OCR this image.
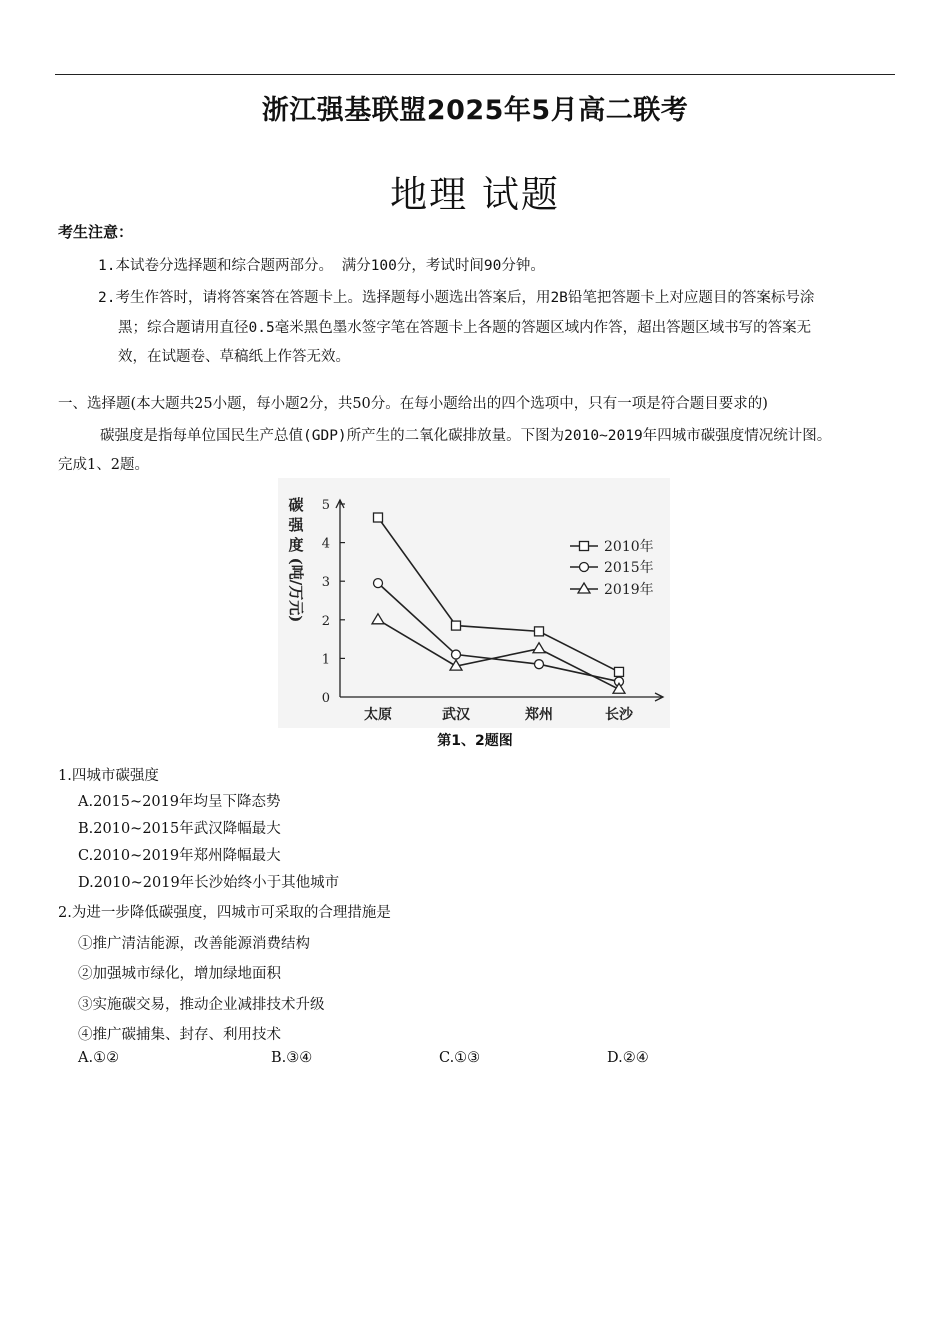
浙江强基联盟2025年5月高二联考
地理 试题
考生注意：
1.本试卷分选择题和综合题两部分。 满分100分，考试时间90分钟。
2.考生作答时，请将答案答在答题卡上。选择题每小题选出答案后，用2B铅笔把答题卡上对应题目的答案标号涂
黑；综合题请用直径0.5毫米黑色墨水签字笔在答题卡上各题的答题区域内作答，超出答题区域书写的答案无
效，在试题卷、草稿纸上作答无效。
一、选择题(本大题共25小题，每小题2分，共50分。在每小题给出的四个选项中，只有一项是符合题目要求的)
碳强度是指每单位国民生产总值(GDP)所产生的二氧化碳排放量。下图为2010~2019年四城市碳强度情况统计图。
完成1、2题。
0
1
2
3
4
5
太原	武汉	郑州	长沙
碳
强
度
(吨/万元)
2010年
2015年
2019年
第1、2题图
1.四城市碳强度
A.2015~2019年均呈下降态势
B.2010~2015年武汉降幅最大
C.2010~2019年郑州降幅最大
D.2010~2019年长沙始终小于其他城市
2.为进一步降低碳强度，四城市可采取的合理措施是
①推广清洁能源，改善能源消费结构
②加强城市绿化，增加绿地面积
③实施碳交易，推动企业减排技术升级
④推广碳捕集、封存、利用技术
A.①②	B.③④	C.①③	D.②④
